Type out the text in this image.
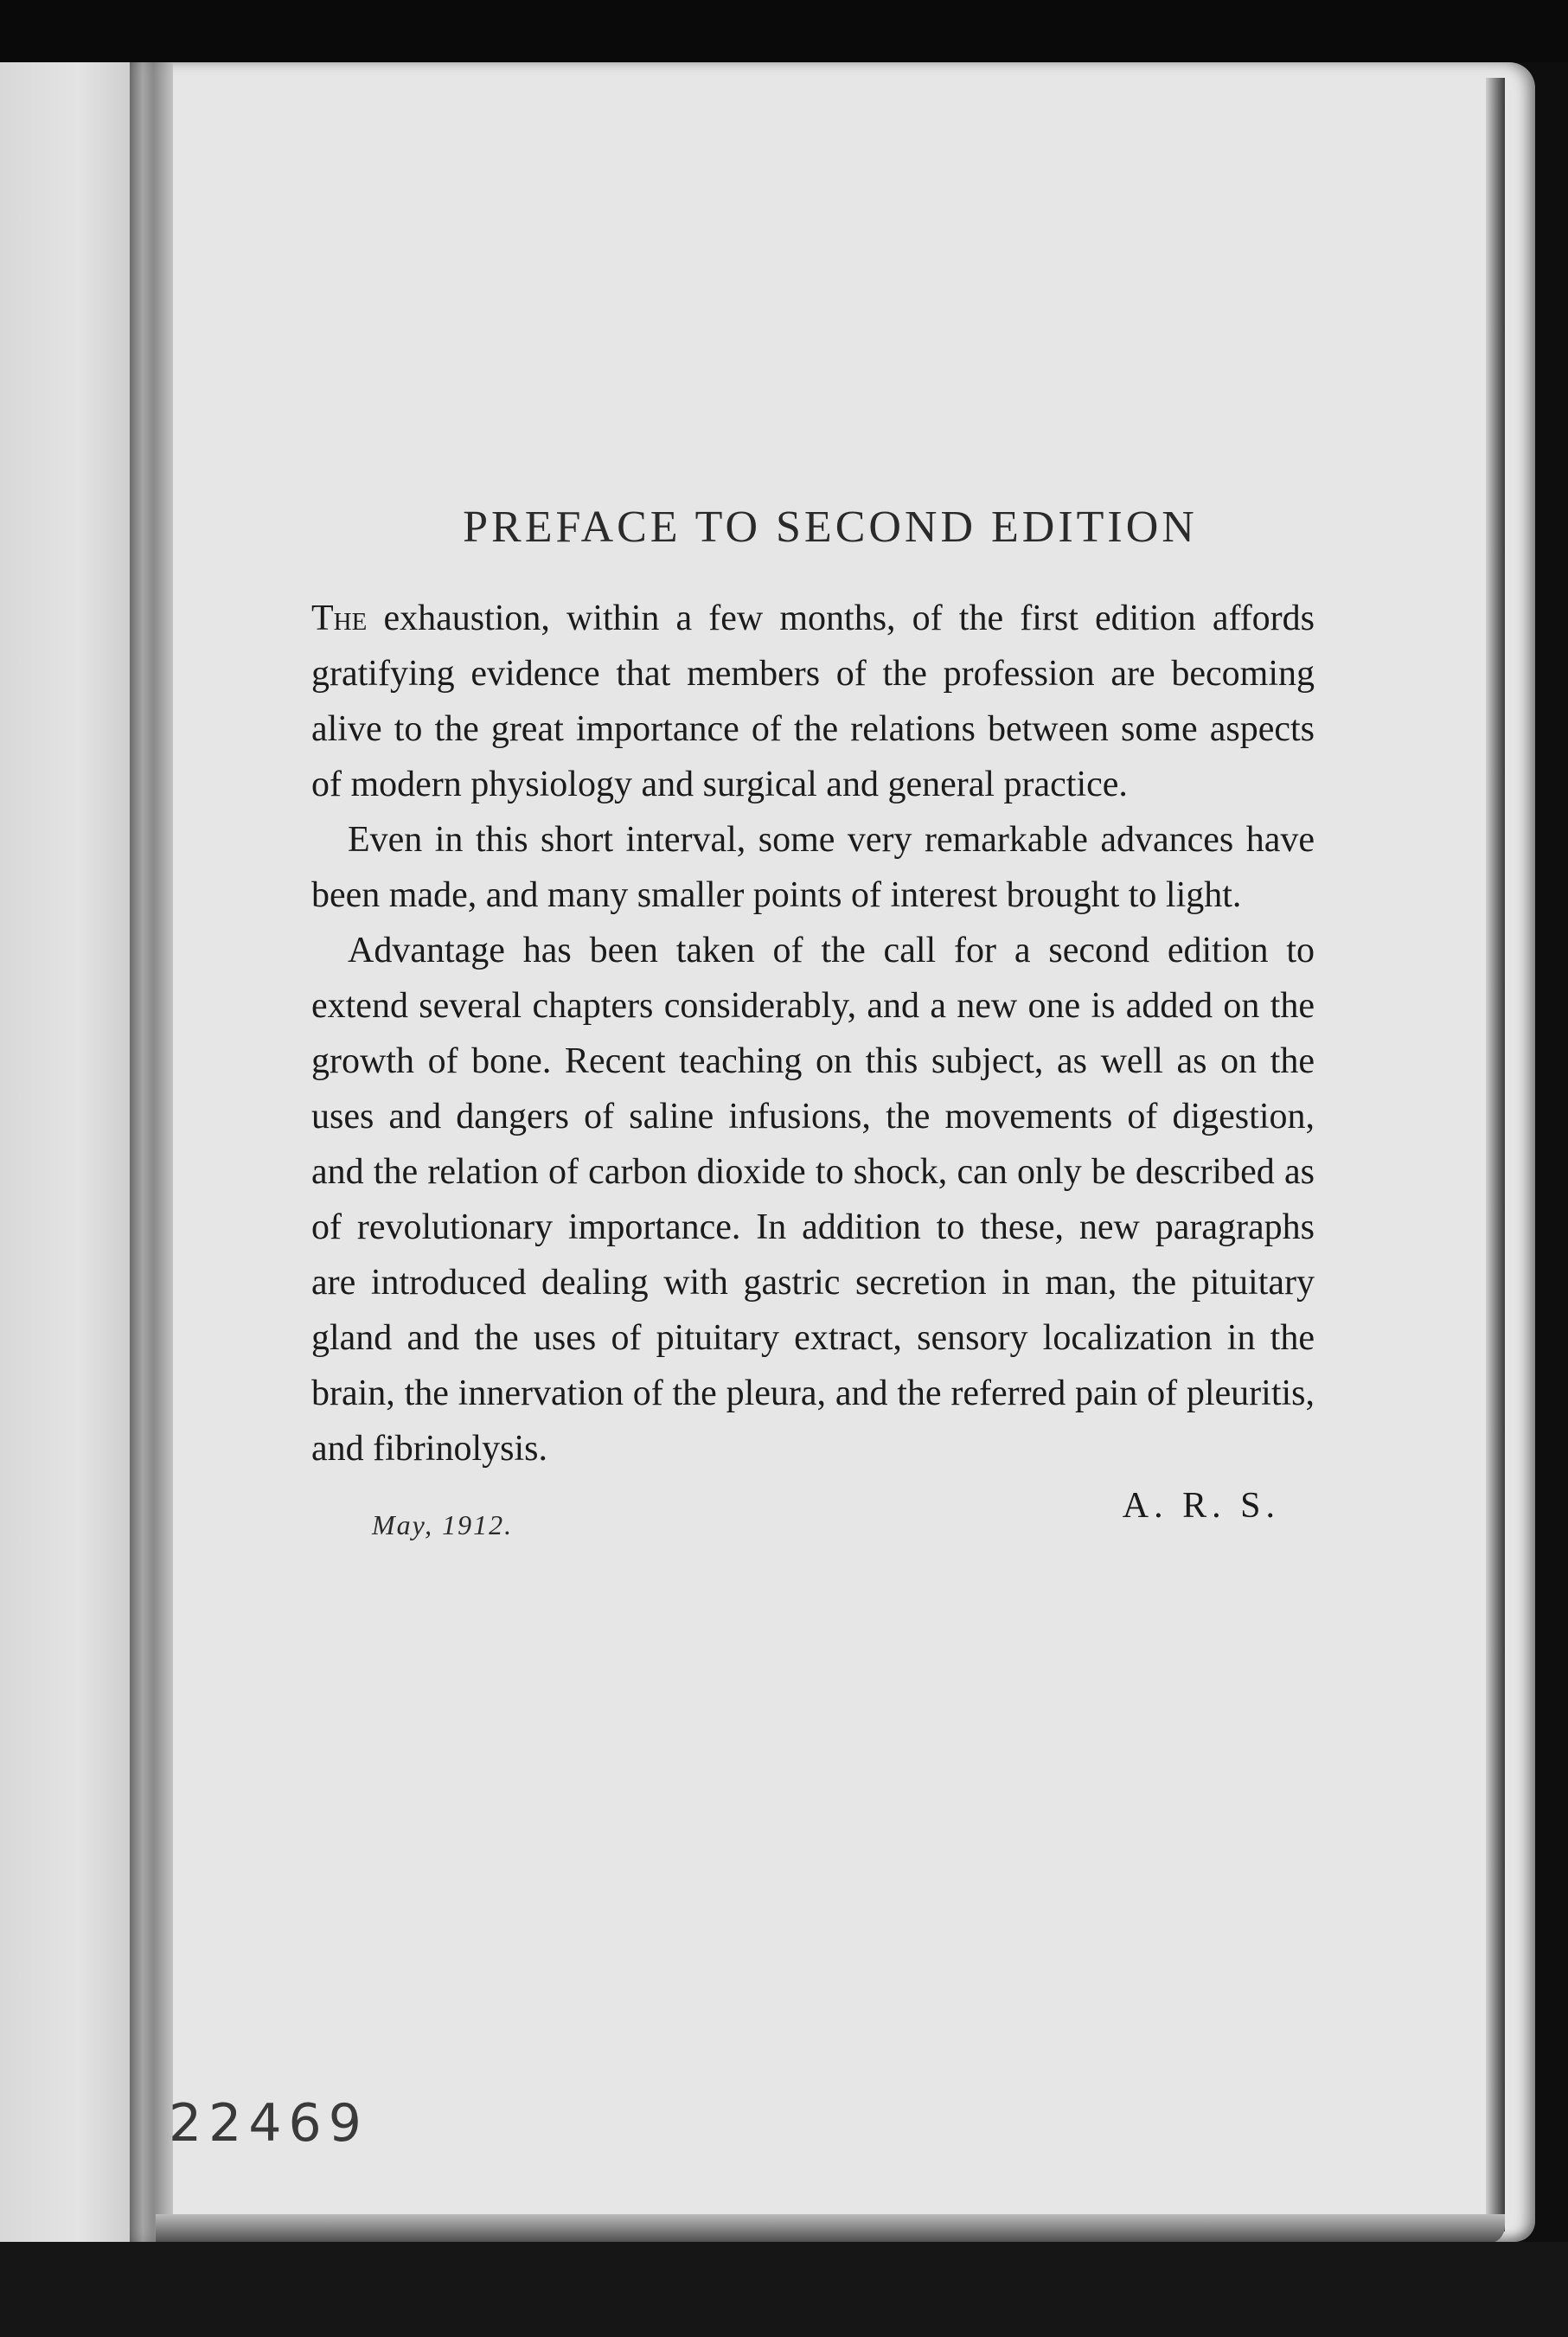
PREFACE TO SECOND EDITION

The exhaustion, within a few months, of the first edition affords gratifying evidence that members of the profession are becoming alive to the great importance of the relations between some aspects of modern physiology and surgical and general practice.

Even in this short interval, some very remarkable advances have been made, and many smaller points of interest brought to light.

Advantage has been taken of the call for a second edition to extend several chapters considerably, and a new one is added on the growth of bone. Recent teaching on this subject, as well as on the uses and dangers of saline infusions, the movements of digestion, and the relation of carbon dioxide to shock, can only be described as of revolutionary importance. In addition to these, new paragraphs are introduced dealing with gastric secretion in man, the pituitary gland and the uses of pituitary extract, sensory localization in the brain, the innervation of the pleura, and the referred pain of pleuritis, and fibrinolysis.

May, 1912.	A. R. S.
22469
